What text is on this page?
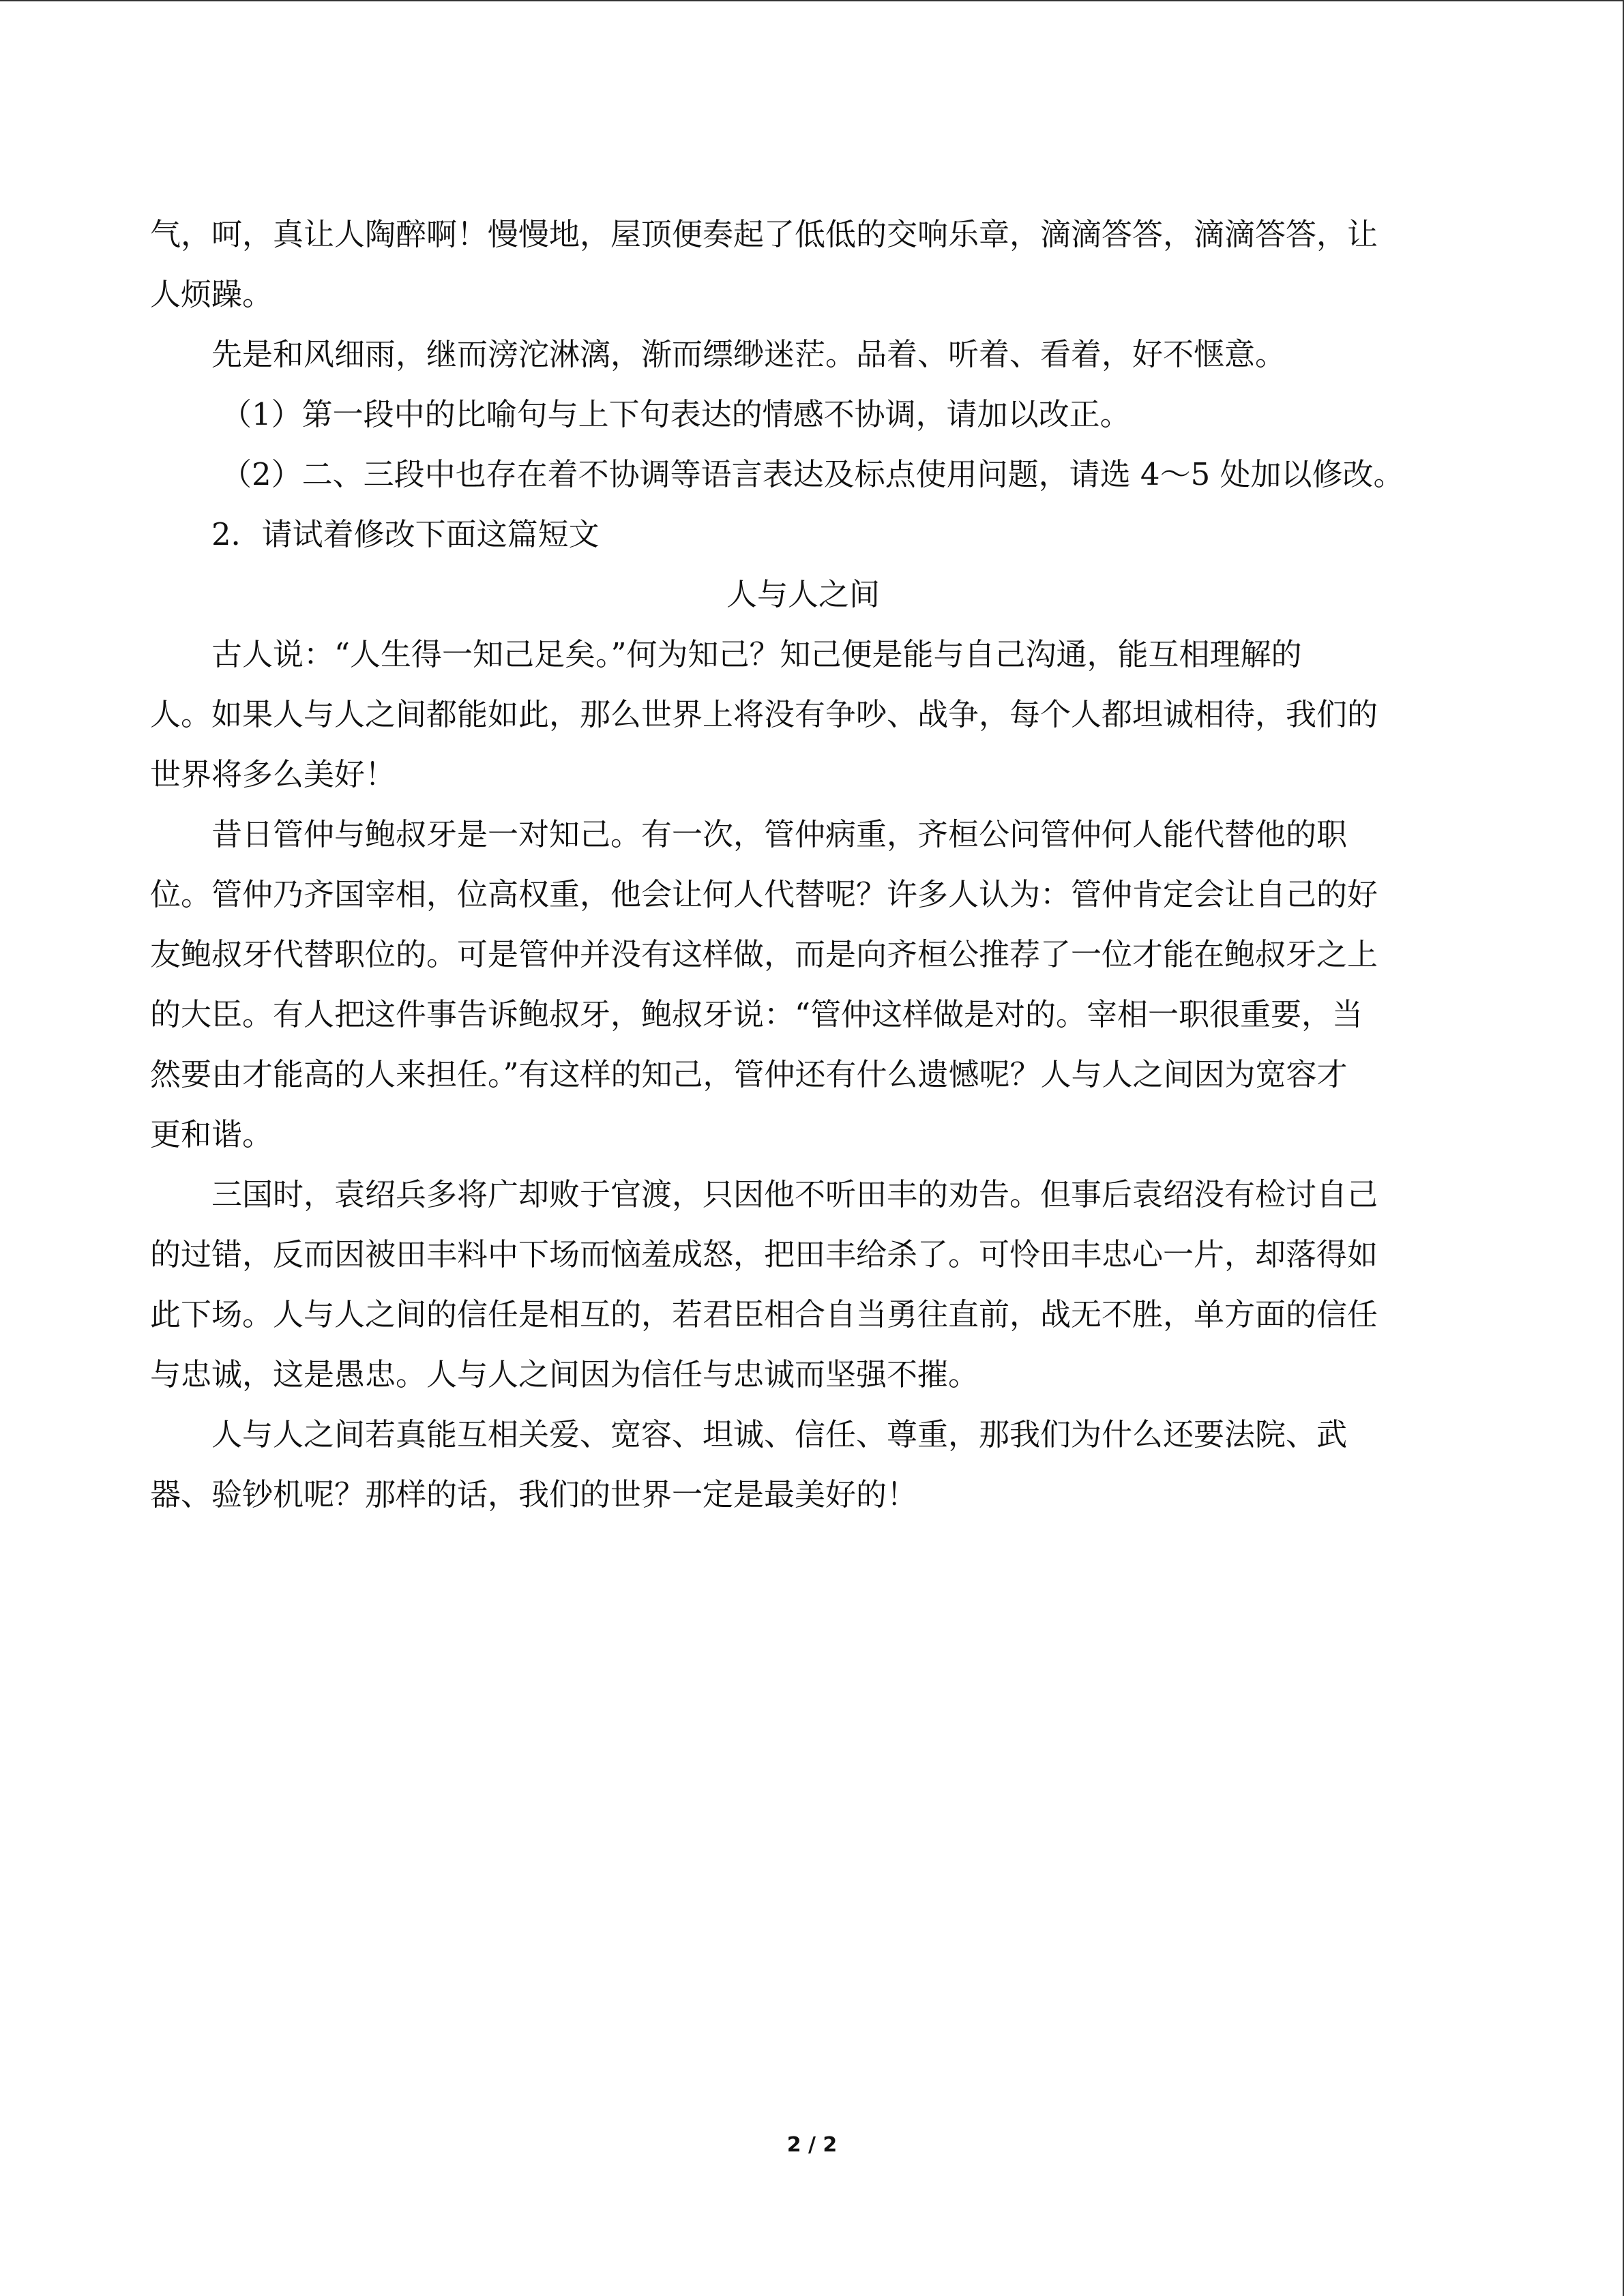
气，呵，真让人陶醉啊！慢慢地，屋顶便奏起了低低的交响乐章，滴滴答答，滴滴答答，让
人烦躁。
先是和风细雨，继而滂沱淋漓，渐而缥缈迷茫。品着、听着、看着，好不惬意。
（1）第一段中的比喻句与上下句表达的情感不协调，请加以改正。
（2）二、三段中也存在着不协调等语言表达及标点使用问题，请选 4～5 处加以修改。
2．请试着修改下面这篇短文
人与人之间
古人说：“人生得一知己足矣。”何为知己？知己便是能与自己沟通，能互相理解的
人。如果人与人之间都能如此，那么世界上将没有争吵、战争，每个人都坦诚相待，我们的
世界将多么美好！
昔日管仲与鲍叔牙是一对知己。有一次，管仲病重，齐桓公问管仲何人能代替他的职
位。管仲乃齐国宰相，位高权重，他会让何人代替呢？许多人认为：管仲肯定会让自己的好
友鲍叔牙代替职位的。可是管仲并没有这样做，而是向齐桓公推荐了一位才能在鲍叔牙之上
的大臣。有人把这件事告诉鲍叔牙，鲍叔牙说：“管仲这样做是对的。宰相一职很重要，当
然要由才能高的人来担任。”有这样的知己，管仲还有什么遗憾呢？人与人之间因为宽容才
更和谐。
三国时，袁绍兵多将广却败于官渡，只因他不听田丰的劝告。但事后袁绍没有检讨自己
的过错，反而因被田丰料中下场而恼羞成怒，把田丰给杀了。可怜田丰忠心一片，却落得如
此下场。人与人之间的信任是相互的，若君臣相合自当勇往直前，战无不胜，单方面的信任
与忠诚，这是愚忠。人与人之间因为信任与忠诚而坚强不摧。
人与人之间若真能互相关爱、宽容、坦诚、信任、尊重，那我们为什么还要法院、武
器、验钞机呢？那样的话，我们的世界一定是最美好的！
2 / 2
